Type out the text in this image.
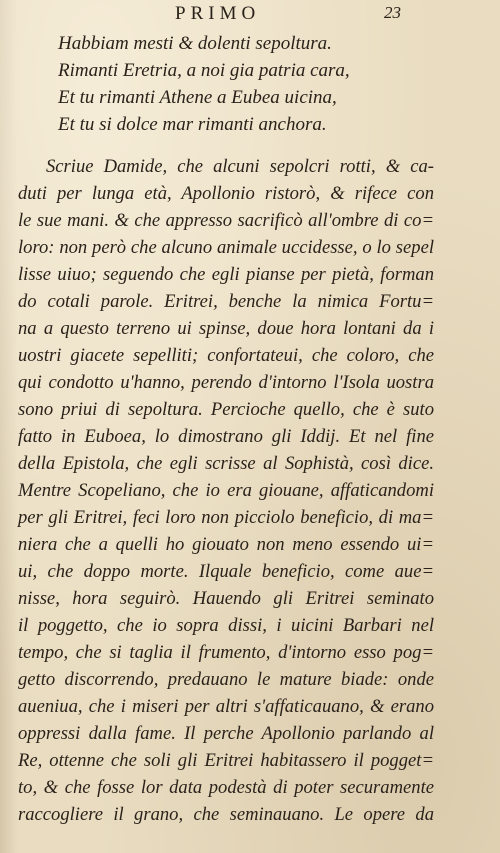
PRIMO	23
Habbiam mesti & dolenti sepoltura.
Rimanti Eretria, a noi gia patria cara,
Et tu rimanti Athene a Eubea uicina,
Et tu si dolce mar rimanti anchora.
Scriue Damide, che alcuni sepolcri rotti, & ca-
duti per lunga età, Apollonio ristorò, & rifece con
le sue mani. & che appresso sacrificò all'ombre di co=
loro: non però che alcuno animale uccidesse, o lo sepel
lisse uiuo; seguendo che egli pianse per pietà, forman
do cotali parole. Eritrei, benche la nimica Fortu=
na a questo terreno ui spinse, doue hora lontani da i
uostri giacete sepelliti; confortateui, che coloro, che
qui condotto u'hanno, perendo d'intorno l'Isola uostra
sono priui di sepoltura. Percioche quello, che è suto
fatto in Euboea, lo dimostrano gli Iddij. Et nel fine
della Epistola, che egli scrisse al Sophistà, così dice.
Mentre Scopeliano, che io era giouane, affaticandomi
per gli Eritrei, feci loro non picciolo beneficio, di ma=
niera che a quelli ho giouato non meno essendo ui=
ui, che doppo morte. Ilquale beneficio, come aue=
nisse, hora seguirò. Hauendo gli Eritrei seminato
il poggetto, che io sopra dissi, i uicini Barbari nel
tempo, che si taglia il frumento, d'intorno esso pog=
getto discorrendo, predauano le mature biade: onde
aueniua, che i miseri per altri s'affaticauano, & erano
oppressi dalla fame. Il perche Apollonio parlando al
Re, ottenne che soli gli Eritrei habitassero il pogget=
to, & che fosse lor data podestà di poter securamente
raccogliere il grano, che seminauano. Le opere da
